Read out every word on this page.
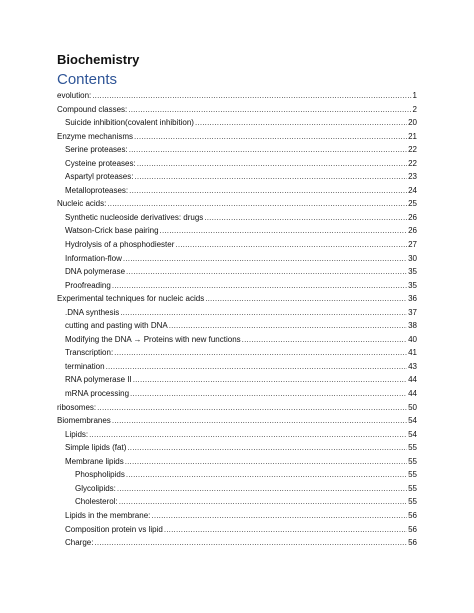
Biochemistry
Contents
evolution: .....	1
Compound classes: .....	2
Suicide inhibition(covalent inhibition) .....	20
Enzyme mechanisms .....	21
Serine proteases: .....	22
Cysteine proteases: .....	22
Aspartyl proteases: .....	23
Metalloproteases: .....	24
Nucleic acids: .....	25
Synthetic nucleoside derivatives: drugs .....	26
Watson-Crick base pairing .....	26
Hydrolysis of a phosphodiester .....	27
Information-flow .....	30
DNA polymerase .....	35
Proofreading .....	35
Experimental techniques for nucleic acids .....	36
.DNA synthesis .....	37
cutting and pasting with DNA .....	38
Modifying the DNA → Proteins with new functions .....	40
Transcription: .....	41
termination .....	43
RNA polymerase II .....	44
mRNA processing .....	44
ribosomes: .....	50
Biomembranes .....	54
Lipids: .....	54
Simple lipids (fat) .....	55
Membrane lipids .....	55
Phospholipids .....	55
Glycolipids: .....	55
Cholesterol: .....	55
Lipids in the membrane: .....	56
Composition protein vs lipid .....	56
Charge: .....	56
